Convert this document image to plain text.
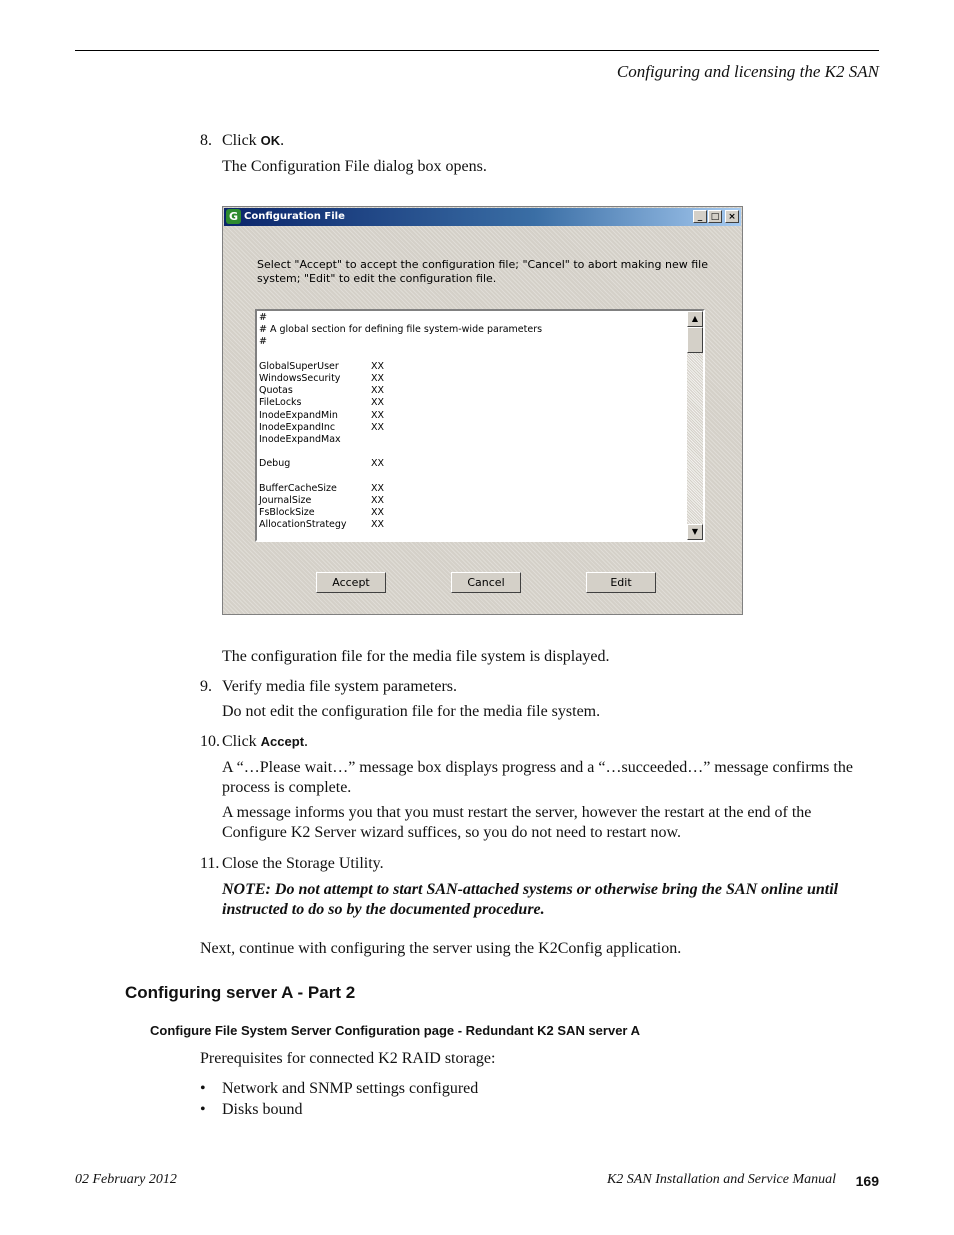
Configuring and licensing the K2 SAN
8. Click OK.
The Configuration File dialog box opens.
G Configuration File	_ □ ×
Select "Accept" to accept the configuration file; "Cancel" to abort making new file system; "Edit" to edit the configuration file.
#
# A global section for defining file system-wide parameters
#
GlobalSuperUser	XX
WindowsSecurity	XX
Quotas	XX
FileLocks	XX
InodeExpandMin	XX
InodeExpandInc	XX
InodeExpandMax
Debug	XX
BufferCacheSize	XX
JournalSize	XX
FsBlockSize	XX
AllocationStrategy	XX
▲
▼
Accept	Cancel	Edit
The configuration file for the media file system is displayed.
9. Verify media file system parameters.
Do not edit the configuration file for the media file system.
10. Click Accept.
A “…Please wait…” message box displays progress and a “…succeeded…” message confirms the process is complete.
A message informs you that you must restart the server, however the restart at the end of the Configure K2 Server wizard suffices, so you do not need to restart now.
11. Close the Storage Utility.
NOTE: Do not attempt to start SAN-attached systems or otherwise bring the SAN online until instructed to do so by the documented procedure.
Next, continue with configuring the server using the K2Config application.
Configuring server A - Part 2
Configure File System Server Configuration page - Redundant K2 SAN server A
Prerequisites for connected K2 RAID storage:
• Network and SNMP settings configured
• Disks bound
02 February 2012	K2 SAN Installation and Service Manual 169
